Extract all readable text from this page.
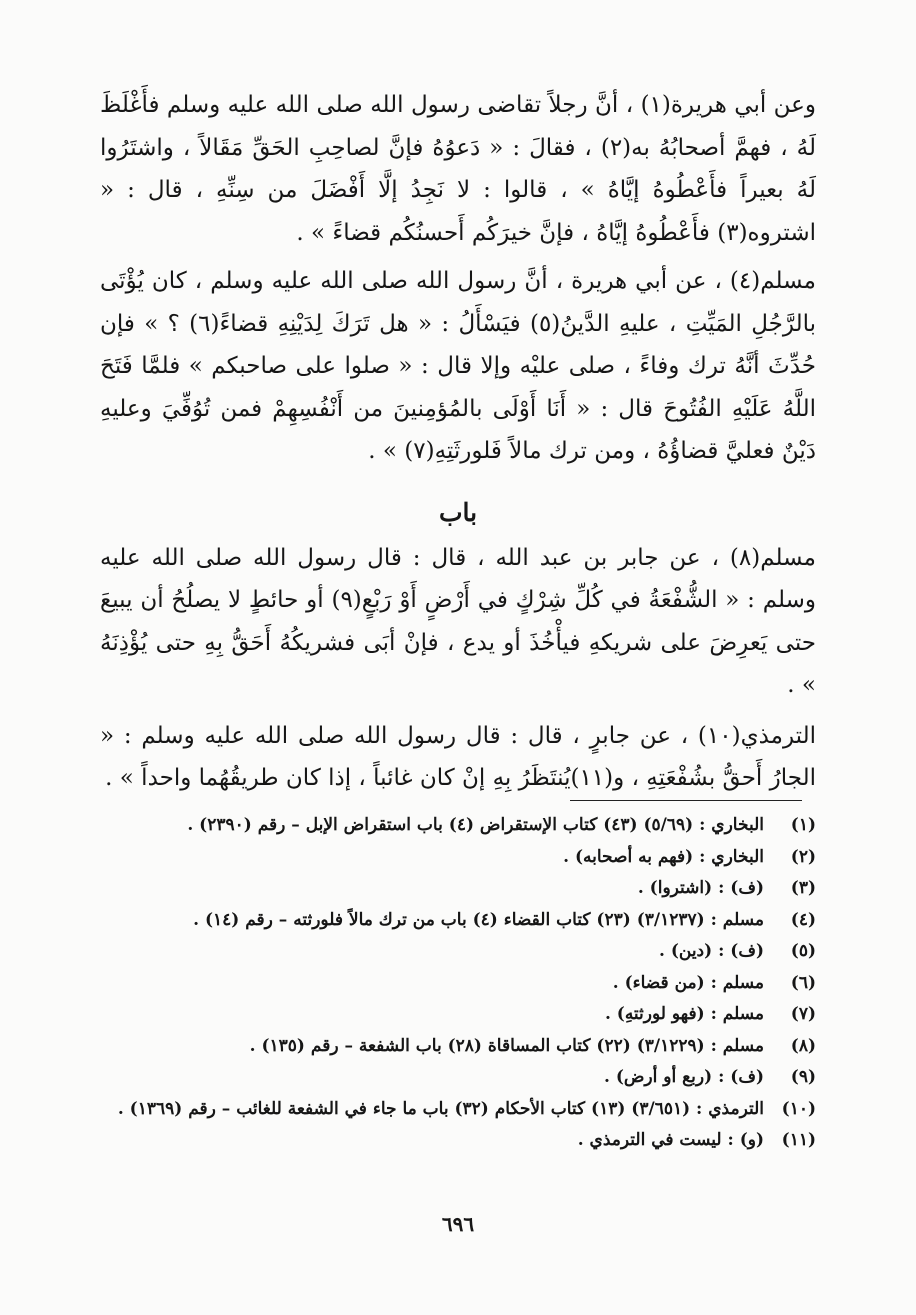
وعن أبي هريرة(١) ، أنَّ رجلاً تقاضى رسول الله صلى الله عليه وسلم فأَغْلَظَ لَهُ ، فهمَّ أصحابُهُ به(٢) ، فقالَ : « دَعوُهُ فإنَّ لصاحِبِ الحَقِّ مَقَالاً ، واشتَرُوا لَهُ بعيراً فأَعْطُوهُ إيَّاهُ » ، قالوا : لا نَجِدُ إلَّا أَفْضَلَ من سِنِّهِ ، قال : « اشتروه(٣) فأَعْطُوهُ إيَّاهُ ، فإنَّ خيرَكُم أَحسنُكُم قضاءً » .

مسلم(٤) ، عن أبي هريرة ، أنَّ رسول الله صلى الله عليه وسلم ، كان يُؤْتَى بالرَّجُلِ المَيِّتِ ، عليهِ الدَّينُ(٥) فيَسْأَلُ : « هل تَرَكَ لِدَيْنِهِ قضاءً(٦) ؟ » فإن حُدِّثَ أنَّهُ ترك وفاءً ، صلى عليْه وإلا قال : « صلوا على صاحبكم » فلمَّا فَتَحَ اللَّهُ عَلَيْهِ الفُتُوحَ قال : « أَنَا أَوْلَى بالمُؤمِنينَ من أَنْفُسِهِمْ فمن تُوُفِّيَ وعليهِ دَيْنٌ فعليَّ قضاؤُهُ ، ومن ترك مالاً فَلورثَتِهِ(٧) » .

باب

مسلم(٨) ، عن جابر بن عبد الله ، قال : قال رسول الله صلى الله عليه وسلم : « الشُّفْعَةُ في كُلِّ شِرْكٍ في أَرْضٍ أَوْ رَبْعٍ(٩) أو حائطٍ لا يصلُحُ أن يبيعَ حتى يَعرِضَ على شريكهِ فيأْخُذَ أو يدع ، فإنْ أبَى فشريكُهُ أَحَقُّ بِهِ حتى يُؤْذِنَهُ » .

الترمذي(١٠) ، عن جابرٍ ، قال : قال رسول الله صلى الله عليه وسلم : « الجارُ أَحقُّ بشُفْعَتِهِ ، و(١١)يُنتَظَرُ بِهِ إنْ كان غائباً ، إذا كان طريقُهُما واحداً » .

(١)
البخاري : (٥/٦٩) (٤٣) كتاب الإستقراض (٤) باب استقراض الإبل – رقم (٢٣٩٠) .
(٢)
البخاري : (فهم به أصحابه) .
(٣)
(ف) : (اشتروا) .
(٤)
مسلم : (٣/١٢٣٧) (٢٣) كتاب القضاء (٤) باب من ترك مالاً فلورثته – رقم (١٤) .
(٥)
(ف) : (دين) .
(٦)
مسلم : (من قضاء) .
(٧)
مسلم : (فهو لورثتهِ) .
(٨)
مسلم : (٣/١٢٢٩) (٢٢) كتاب المساقاة (٢٨) باب الشفعة – رقم (١٣٥) .
(٩)
(ف) : (ربع أو أرض) .
(١٠)
الترمذي : (٣/٦٥١) (١٣) كتاب الأحكام (٣٢) باب ما جاء في الشفعة للغائب – رقم (١٣٦٩) .
(١١)
(و) : ليست في الترمذي .
٦٩٦
